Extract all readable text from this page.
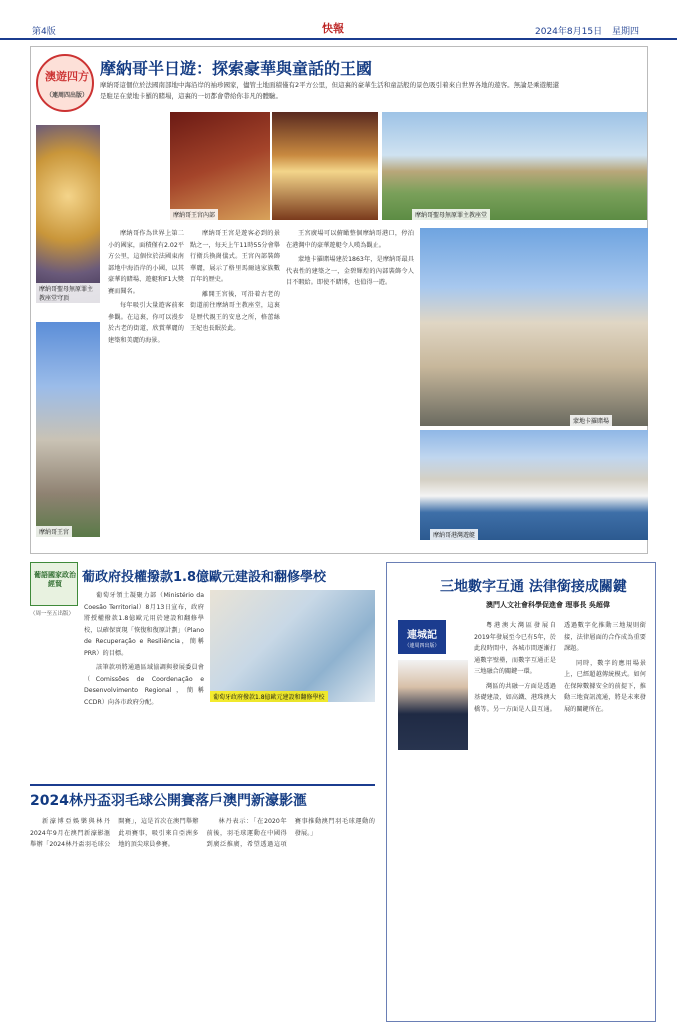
第4版	快報	2024年8月15日 星期四
澳遊四方
（連周四出版）
摩納哥半日遊：探索豪華與童話的王國
摩納哥這個位於法國南部地中海沿岸的袖珍國家，儘管土地面積僅有2平方公里，但這裏的豪華生活和童話般的景色吸引着來自世界各地的遊客。無論是乘遊艇還是駐足在蒙地卡羅的賭場，這裏的一切都會帶給你非凡的體驗。
摩納哥王宮內部	摩納哥聖母無原罪主教座堂
摩納哥聖母無原罪主教座堂穹頂
摩納哥王宮
蒙地卡羅賭場
摩納哥港灣遊艇

摩納哥作為世界上第二小的國家，面積僅有2.02平方公里，這個位於法國東南部地中海沿岸的小國，以其豪華的賭場、遊艇和F1大獎賽而聞名。

每年吸引大量遊客前來參觀。在這裏，你可以漫步於古老的街道，欣賞華麗的建築和美麗的海景。

摩納哥王宮是遊客必到的景點之一，每天上午11時55分會舉行衛兵換崗儀式。王宮內部裝飾華麗，展示了格里馬爾迪家族數百年的歷史。

離開王宮後，可沿着古老的街道前往摩納哥主教座堂，這裏是歷代親王的安息之所，格蕾絲王妃也長眠於此。

王宮廣場可以俯瞰整個摩納哥港口，停泊在港灣中的豪華遊艇令人嘆為觀止。

蒙地卡羅賭場建於1863年，是摩納哥最具代表性的建築之一，金碧輝煌的內部裝飾令人目不暇給。即使不賭博，也值得一遊。

葡語國家政治經貿
（周一至五出版）
葡政府投權撥款1.8億歐元建設和翻修學校

葡萄牙領土凝聚力部（Ministério da Coesão Territorial）8月13日宣布，政府將授權撥款1.8億歐元用於建設和翻修學校，以確保實現「恢復和復原計劃」（Plano de Recuperação e Resiliência，簡稱 PRR）的目標。

該筆款項將通過區域協調與發展委員會（Comissões de Coordenação e Desenvolvimento Regional，簡稱 CCDR）向各市政府分配。

葡萄牙政府撥款1.8億歐元建設和翻修學校
2024林丹盃羽毛球公開賽落戶澳門新濠影滙

新濠博亞娛樂與林丹2024年9月在澳門新濠影滙舉辦「2024林丹盃羽毛球公開賽」，這是首次在澳門舉辦此項賽事，吸引來自亞洲多地的頂尖球員參賽。

林丹表示：「在2020年前後，羽毛球運動在中國得到廣泛推廣，希望透過這項賽事推動澳門羽毛球運動的發展。」

三地數字互通 法律銜接成關鍵
澳門人文社會科學促進會 理事長 吳超偉
連城記
（連周四出版）

粵港澳大灣區發展自2019年發展至今已有5年，於此段時間中，各城市間逐漸打通數字壁壘，而數字互通正是三地融合的關鍵一環。

灣區的共融一方面是透過基礎建設，如高鐵、港珠澳大橋等。另一方面是人員互通。透過數字化推動三地規則銜接，法律層面的合作成為重要課題。

同時，數字的應用場景上，已經超越傳統模式。如何在保障數據安全的前提下，推動三地資訊流通，將是未來發展的關鍵所在。
